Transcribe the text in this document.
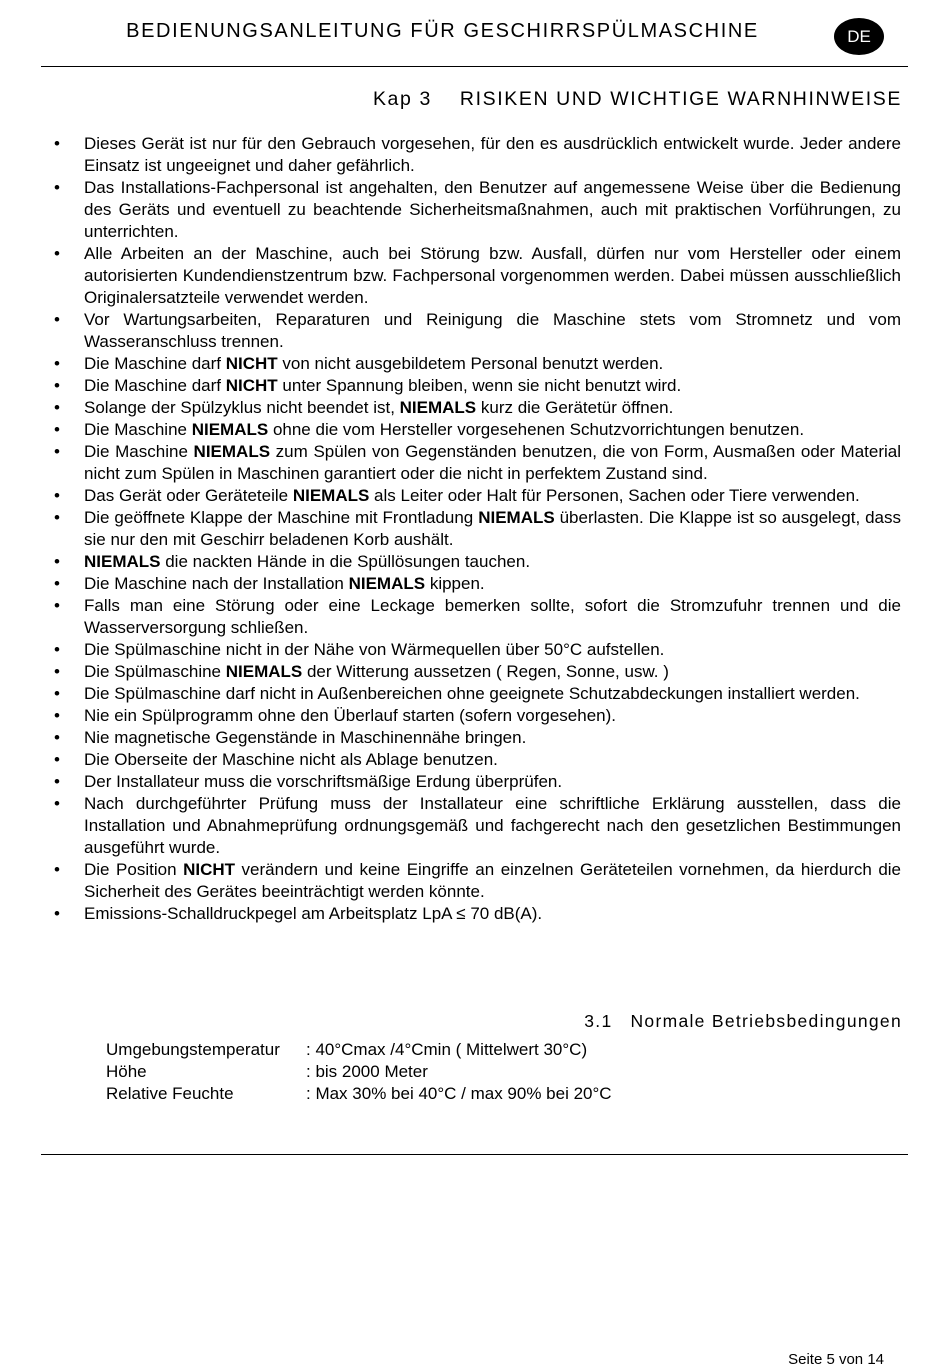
BEDIENUNGSANLEITUNG FÜR GESCHIRRSPÜLMASCHINE	DE
Kap 3 RISIKEN UND WICHTIGE WARNHINWEISE
• Dieses Gerät ist nur für den Gebrauch vorgesehen, für den es ausdrücklich entwickelt wurde. Jeder andere Einsatz ist ungeeignet und daher gefährlich.
• Das Installations-Fachpersonal ist angehalten, den Benutzer auf angemessene Weise über die Bedienung des Geräts und eventuell zu beachtende Sicherheitsmaßnahmen, auch mit praktischen Vorführungen, zu unterrichten.
• Alle Arbeiten an der Maschine, auch bei Störung bzw. Ausfall, dürfen nur vom Hersteller oder einem autorisierten Kundendienstzentrum bzw. Fachpersonal vorgenommen werden. Dabei müssen ausschließlich Originalersatzteile verwendet werden.
• Vor Wartungsarbeiten, Reparaturen und Reinigung die Maschine stets vom Stromnetz und vom Wasseranschluss trennen.
• Die Maschine darf NICHT von nicht ausgebildetem Personal benutzt werden.
• Die Maschine darf NICHT unter Spannung bleiben, wenn sie nicht benutzt wird.
• Solange der Spülzyklus nicht beendet ist, NIEMALS kurz die Gerätetür öffnen.
• Die Maschine NIEMALS ohne die vom Hersteller vorgesehenen Schutzvorrichtungen benutzen.
• Die Maschine NIEMALS zum Spülen von Gegenständen benutzen, die von Form, Ausmaßen oder Material nicht zum Spülen in Maschinen garantiert oder die nicht in perfektem Zustand sind.
• Das Gerät oder Geräteteile NIEMALS als Leiter oder Halt für Personen, Sachen oder Tiere verwenden.
• Die geöffnete Klappe der Maschine mit Frontladung NIEMALS überlasten. Die Klappe ist so ausgelegt, dass sie nur den mit Geschirr beladenen Korb aushält.
• NIEMALS die nackten Hände in die Spüllösungen tauchen.
• Die Maschine nach der Installation NIEMALS kippen.
• Falls man eine Störung oder eine Leckage bemerken sollte, sofort die Stromzufuhr trennen und die Wasserversorgung schließen.
• Die Spülmaschine nicht in der Nähe von Wärmequellen über 50°C aufstellen.
• Die Spülmaschine NIEMALS der Witterung aussetzen ( Regen, Sonne, usw. )
• Die Spülmaschine darf nicht in Außenbereichen ohne geeignete Schutzabdeckungen installiert werden.
• Nie ein Spülprogramm ohne den Überlauf starten (sofern vorgesehen).
• Nie magnetische Gegenstände in Maschinennähe bringen.
• Die Oberseite der Maschine nicht als Ablage benutzen.
• Der Installateur muss die vorschriftsmäßige Erdung überprüfen.
• Nach durchgeführter Prüfung muss der Installateur eine schriftliche Erklärung ausstellen, dass die Installation und Abnahmeprüfung ordnungsgemäß und fachgerecht nach den gesetzlichen Bestimmungen ausgeführt wurde.
• Die Position NICHT verändern und keine Eingriffe an einzelnen Geräteteilen vornehmen, da hierdurch die Sicherheit des Gerätes beeinträchtigt werden könnte.
• Emissions-Schalldruckpegel am Arbeitsplatz LpA ≤ 70 dB(A).
3.1 Normale Betriebsbedingungen
Umgebungstemperatur	: 40°Cmax /4°Cmin ( Mittelwert 30°C)
Höhe	: bis 2000 Meter
Relative Feuchte	: Max 30% bei 40°C / max 90% bei 20°C
Seite 5 von 14
